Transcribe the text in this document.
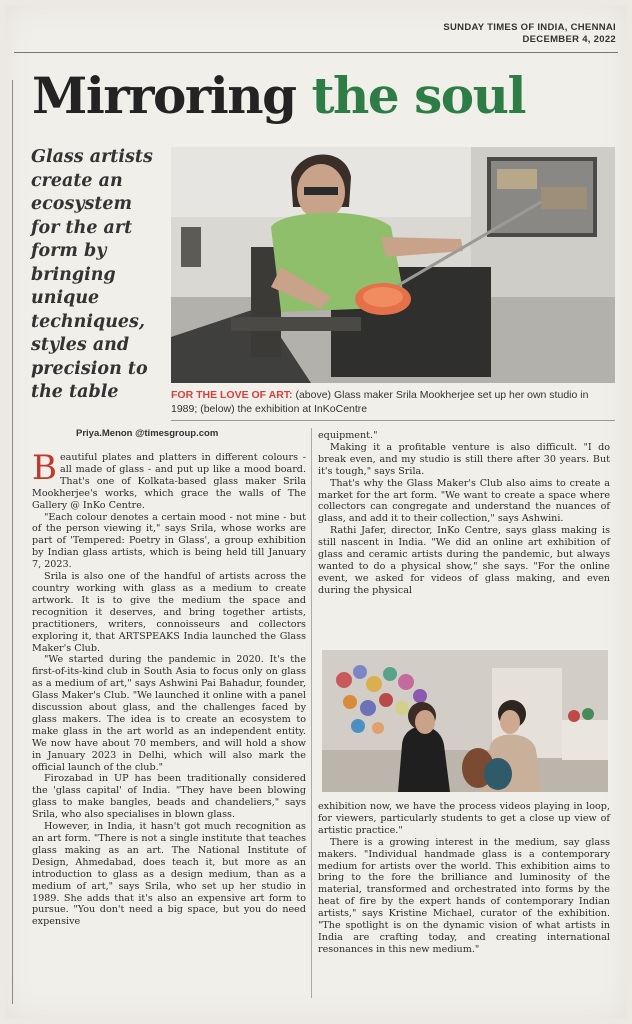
SUNDAY TIMES OF INDIA, CHENNAI
DECEMBER 4, 2022
Mirroring the soul
Glass artists create an ecosystem for the art form by bringing unique techniques, styles and precision to the table	FOR THE LOVE OF ART: (above) Glass maker Srila Mookherjee set up her own studio in 1989; (below) the exhibition at InKoCentre
Priya.Menon @timesgroup.com

Beautiful plates and platters in different colours - all made of glass - and put up like a mood board. That's one of Kolkata-based glass maker Srila Mookherjee's works, which grace the walls of The Gallery @ InKo Centre.

"Each colour denotes a certain mood - not mine - but of the person viewing it," says Srila, whose works are part of 'Tempered: Poetry in Glass', a group exhibition by Indian glass artists, which is being held till January 7, 2023.

Srila is also one of the handful of artists across the country working with glass as a medium to create artwork. It is to give the medium the space and recognition it deserves, and bring together artists, practitioners, writers, connoisseurs and collectors exploring it, that ARTSPEAKS India launched the Glass Maker's Club.

"We started during the pandemic in 2020. It's the first-of-its-kind club in South Asia to focus only on glass as a medium of art," says Ashwini Pai Bahadur, founder, Glass Maker's Club. "We launched it online with a panel discussion about glass, and the challenges faced by glass makers. The idea is to create an ecosystem to make glass in the art world as an independent entity. We now have about 70 members, and will hold a show in January 2023 in Delhi, which will also mark the official launch of the club."

Firozabad in UP has been traditionally considered the 'glass capital' of India. "They have been blowing glass to make bangles, beads and chandeliers," says Srila, who also specialises in blown glass.

However, in India, it hasn't got much recognition as an art form. "There is not a single institute that teaches glass making as an art. The National Institute of Design, Ahmedabad, does teach it, but more as an introduction to glass as a design medium, than as a medium of art," says Srila, who set up her studio in 1989. She adds that it's also an expensive art form to pursue. "You don't need a big space, but you do need expensive

equipment."

Making it a profitable venture is also difficult. "I do break even, and my studio is still there after 30 years. But it's tough," says Srila.

That's why the Glass Maker's Club also aims to create a market for the art form. "We want to create a space where collectors can congregate and understand the nuances of glass, and add it to their collection," says Ashwini.

Rathi Jafer, director, InKo Centre, says glass making is still nascent in India. "We did an online art exhibition of glass and ceramic artists during the pandemic, but always wanted to do a physical show," she says. "For the online event, we asked for videos of glass making, and even during the physical

exhibition now, we have the process videos playing in loop, for viewers, particularly students to get a close up view of artistic practice."

There is a growing interest in the medium, say glass makers. "Individual handmade glass is a contemporary medium for artists over the world. This exhibition aims to bring to the fore the brilliance and luminosity of the material, transformed and orchestrated into forms by the heat of fire by the expert hands of contemporary Indian artists," says Kristine Michael, curator of the exhibition. "The spotlight is on the dynamic vision of what artists in India are crafting today, and creating international resonances in this new medium."
